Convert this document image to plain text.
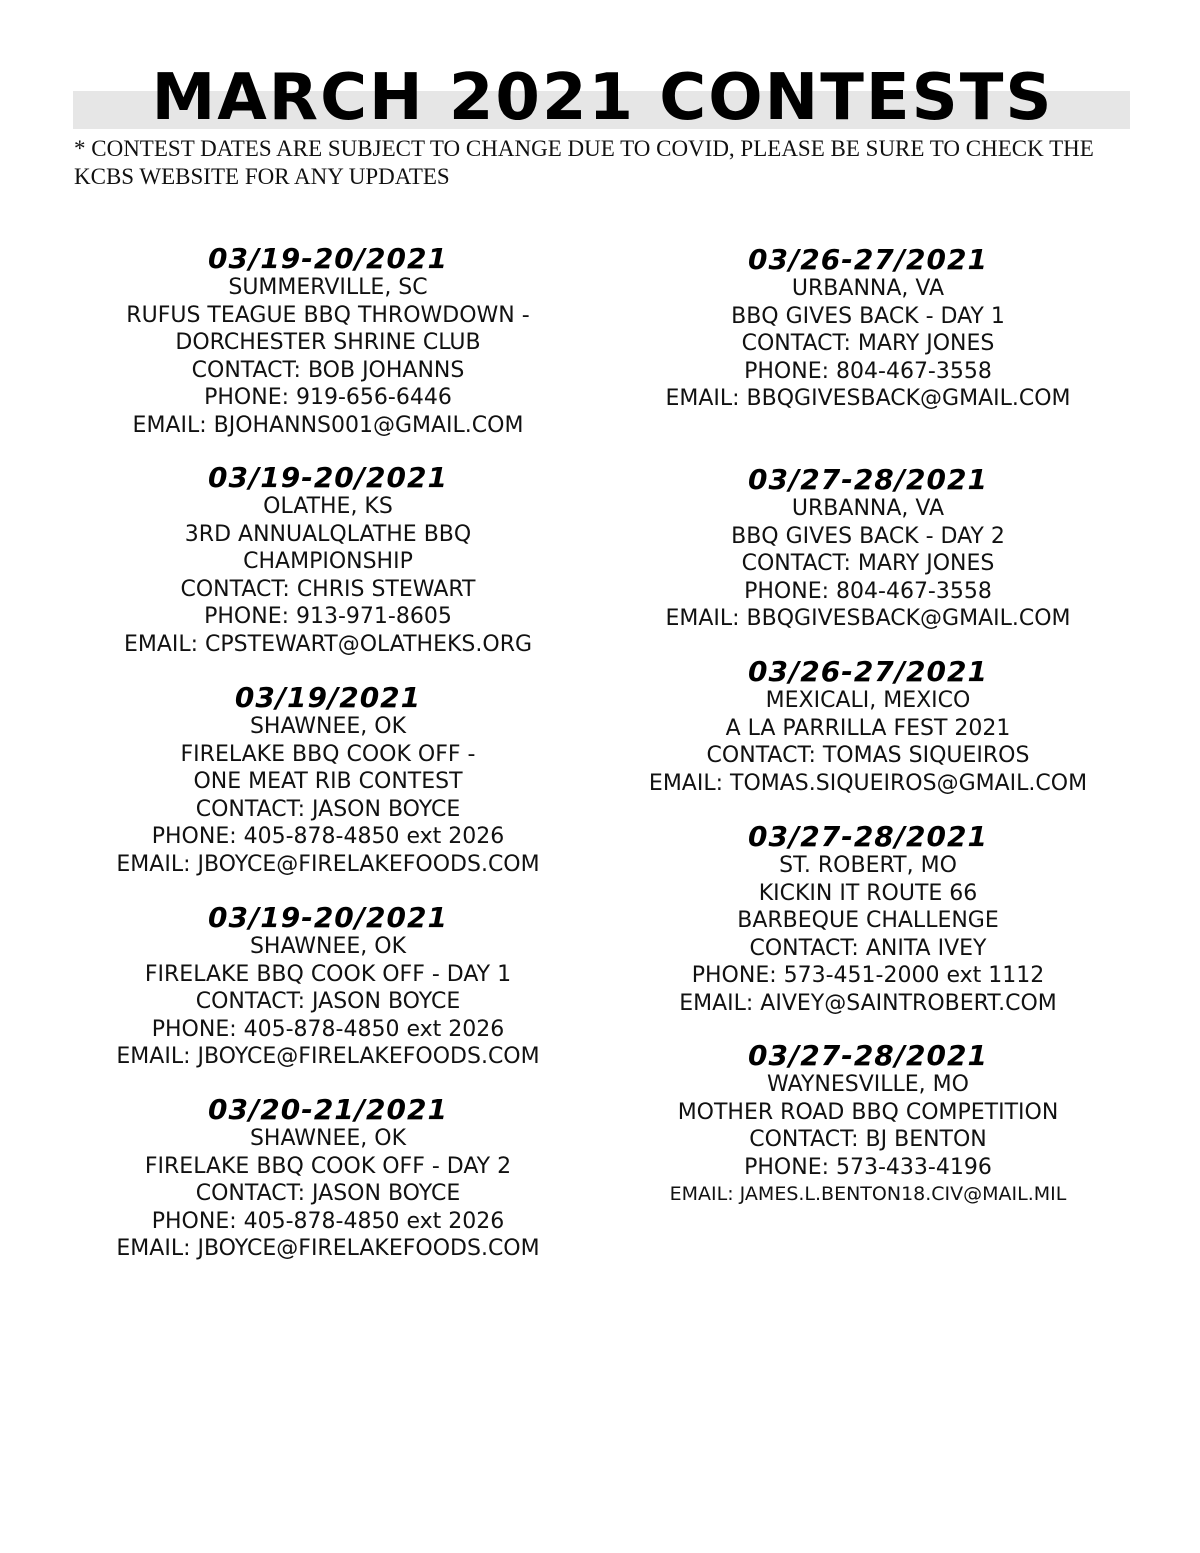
MARCH 2021 CONTESTS

* CONTEST DATES ARE SUBJECT TO CHANGE DUE TO COVID, PLEASE BE SURE TO CHECK THE KCBS WEBSITE FOR ANY UPDATES

03/19-20/2021
SUMMERVILLE, SC
RUFUS TEAGUE BBQ THROWDOWN -
DORCHESTER SHRINE CLUB
CONTACT: BOB JOHANNS
PHONE: 919-656-6446
EMAIL: BJOHANNS001@GMAIL.COM
03/19-20/2021
OLATHE, KS
3RD ANNUALQLATHE BBQ
CHAMPIONSHIP
CONTACT: CHRIS STEWART
PHONE: 913-971-8605
EMAIL: CPSTEWART@OLATHEKS.ORG
03/19/2021
SHAWNEE, OK
FIRELAKE BBQ COOK OFF -
ONE MEAT RIB CONTEST
CONTACT: JASON BOYCE
PHONE: 405-878-4850 ext 2026
EMAIL: JBOYCE@FIRELAKEFOODS.COM
03/19-20/2021
SHAWNEE, OK
FIRELAKE BBQ COOK OFF - DAY 1
CONTACT: JASON BOYCE
PHONE: 405-878-4850 ext 2026
EMAIL: JBOYCE@FIRELAKEFOODS.COM
03/20-21/2021
SHAWNEE, OK
FIRELAKE BBQ COOK OFF - DAY 2
CONTACT: JASON BOYCE
PHONE: 405-878-4850 ext 2026
EMAIL: JBOYCE@FIRELAKEFOODS.COM
03/26-27/2021
URBANNA, VA
BBQ GIVES BACK - DAY 1
CONTACT: MARY JONES
PHONE: 804-467-3558
EMAIL: BBQGIVESBACK@GMAIL.COM
03/27-28/2021
URBANNA, VA
BBQ GIVES BACK - DAY 2
CONTACT: MARY JONES
PHONE: 804-467-3558
EMAIL: BBQGIVESBACK@GMAIL.COM
03/26-27/2021
MEXICALI, MEXICO
A LA PARRILLA FEST 2021
CONTACT: TOMAS SIQUEIROS
EMAIL: TOMAS.SIQUEIROS@GMAIL.COM
03/27-28/2021
ST. ROBERT, MO
KICKIN IT ROUTE 66
BARBEQUE CHALLENGE
CONTACT: ANITA IVEY
PHONE: 573-451-2000 ext 1112
EMAIL: AIVEY@SAINTROBERT.COM
03/27-28/2021
WAYNESVILLE, MO
MOTHER ROAD BBQ COMPETITION
CONTACT: BJ BENTON
PHONE: 573-433-4196
EMAIL: JAMES.L.BENTON18.CIV@MAIL.MIL
